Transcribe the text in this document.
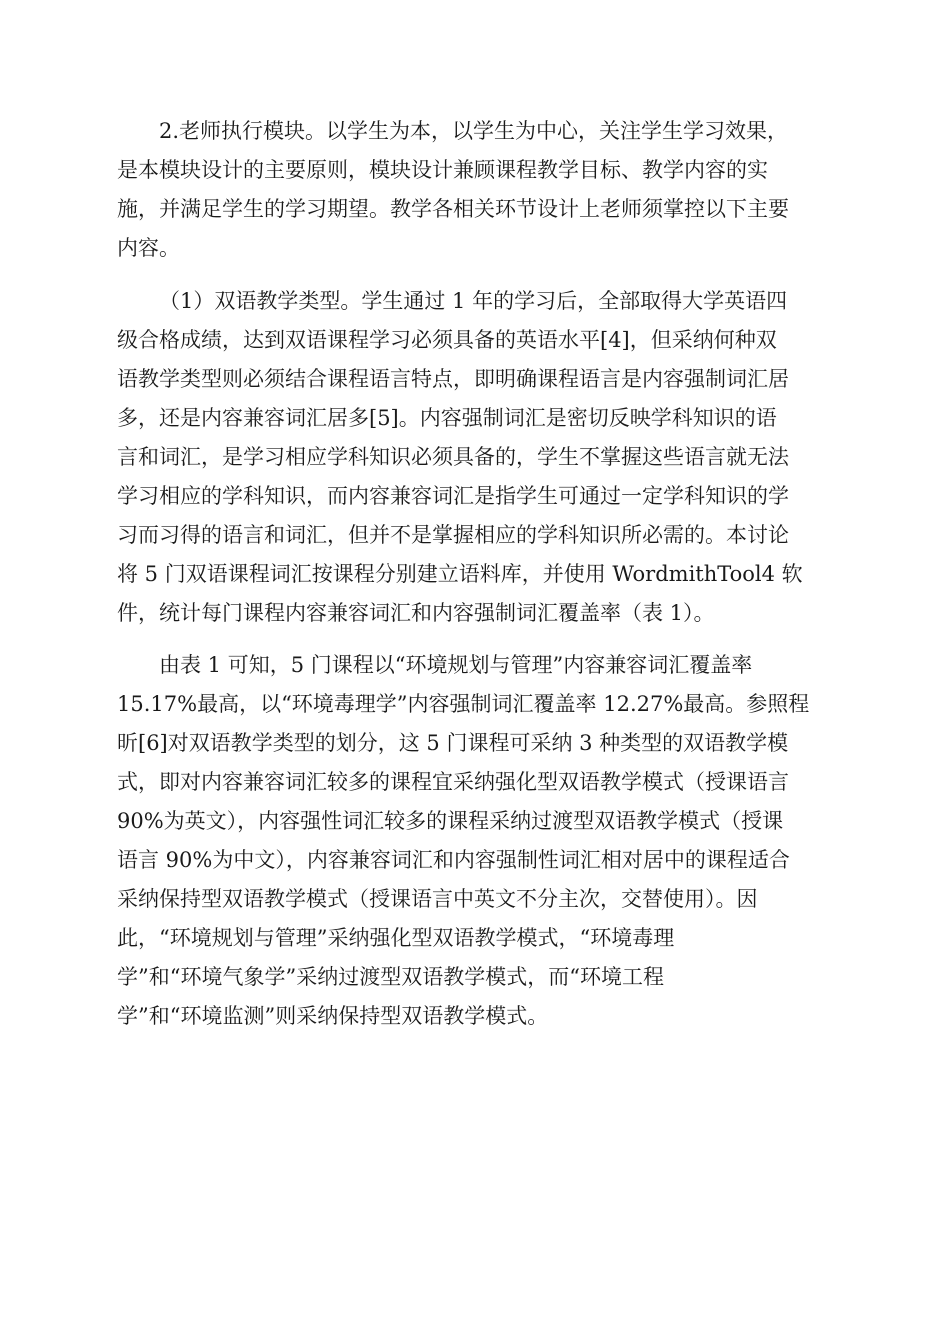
2.老师执行模块。以学生为本，以学生为中心，关注学生学习效果，
是本模块设计的主要原则，模块设计兼顾课程教学目标、教学内容的实
施，并满足学生的学习期望。教学各相关环节设计上老师须掌控以下主要
内容。

（1）双语教学类型。学生通过 1 年的学习后，全部取得大学英语四
级合格成绩，达到双语课程学习必须具备的英语水平[4]，但采纳何种双
语教学类型则必须结合课程语言特点，即明确课程语言是内容强制词汇居
多，还是内容兼容词汇居多[5]。内容强制词汇是密切反映学科知识的语
言和词汇，是学习相应学科知识必须具备的，学生不掌握这些语言就无法
学习相应的学科知识，而内容兼容词汇是指学生可通过一定学科知识的学
习而习得的语言和词汇，但并不是掌握相应的学科知识所必需的。本讨论
将 5 门双语课程词汇按课程分别建立语料库，并使用 WordmithTool4 软
件，统计每门课程内容兼容词汇和内容强制词汇覆盖率（表 1）。

由表 1 可知，5 门课程以“环境规划与管理”内容兼容词汇覆盖率
15.17%最高，以“环境毒理学”内容强制词汇覆盖率 12.27%最高。参照程
昕[6]对双语教学类型的划分，这 5 门课程可采纳 3 种类型的双语教学模
式，即对内容兼容词汇较多的课程宜采纳强化型双语教学模式（授课语言
90%为英文），内容强性词汇较多的课程采纳过渡型双语教学模式（授课
语言 90%为中文），内容兼容词汇和内容强制性词汇相对居中的课程适合
采纳保持型双语教学模式（授课语言中英文不分主次，交替使用）。因
此，“环境规划与管理”采纳强化型双语教学模式，“环境毒理
学”和“环境气象学”采纳过渡型双语教学模式，而“环境工程
学”和“环境监测”则采纳保持型双语教学模式。
